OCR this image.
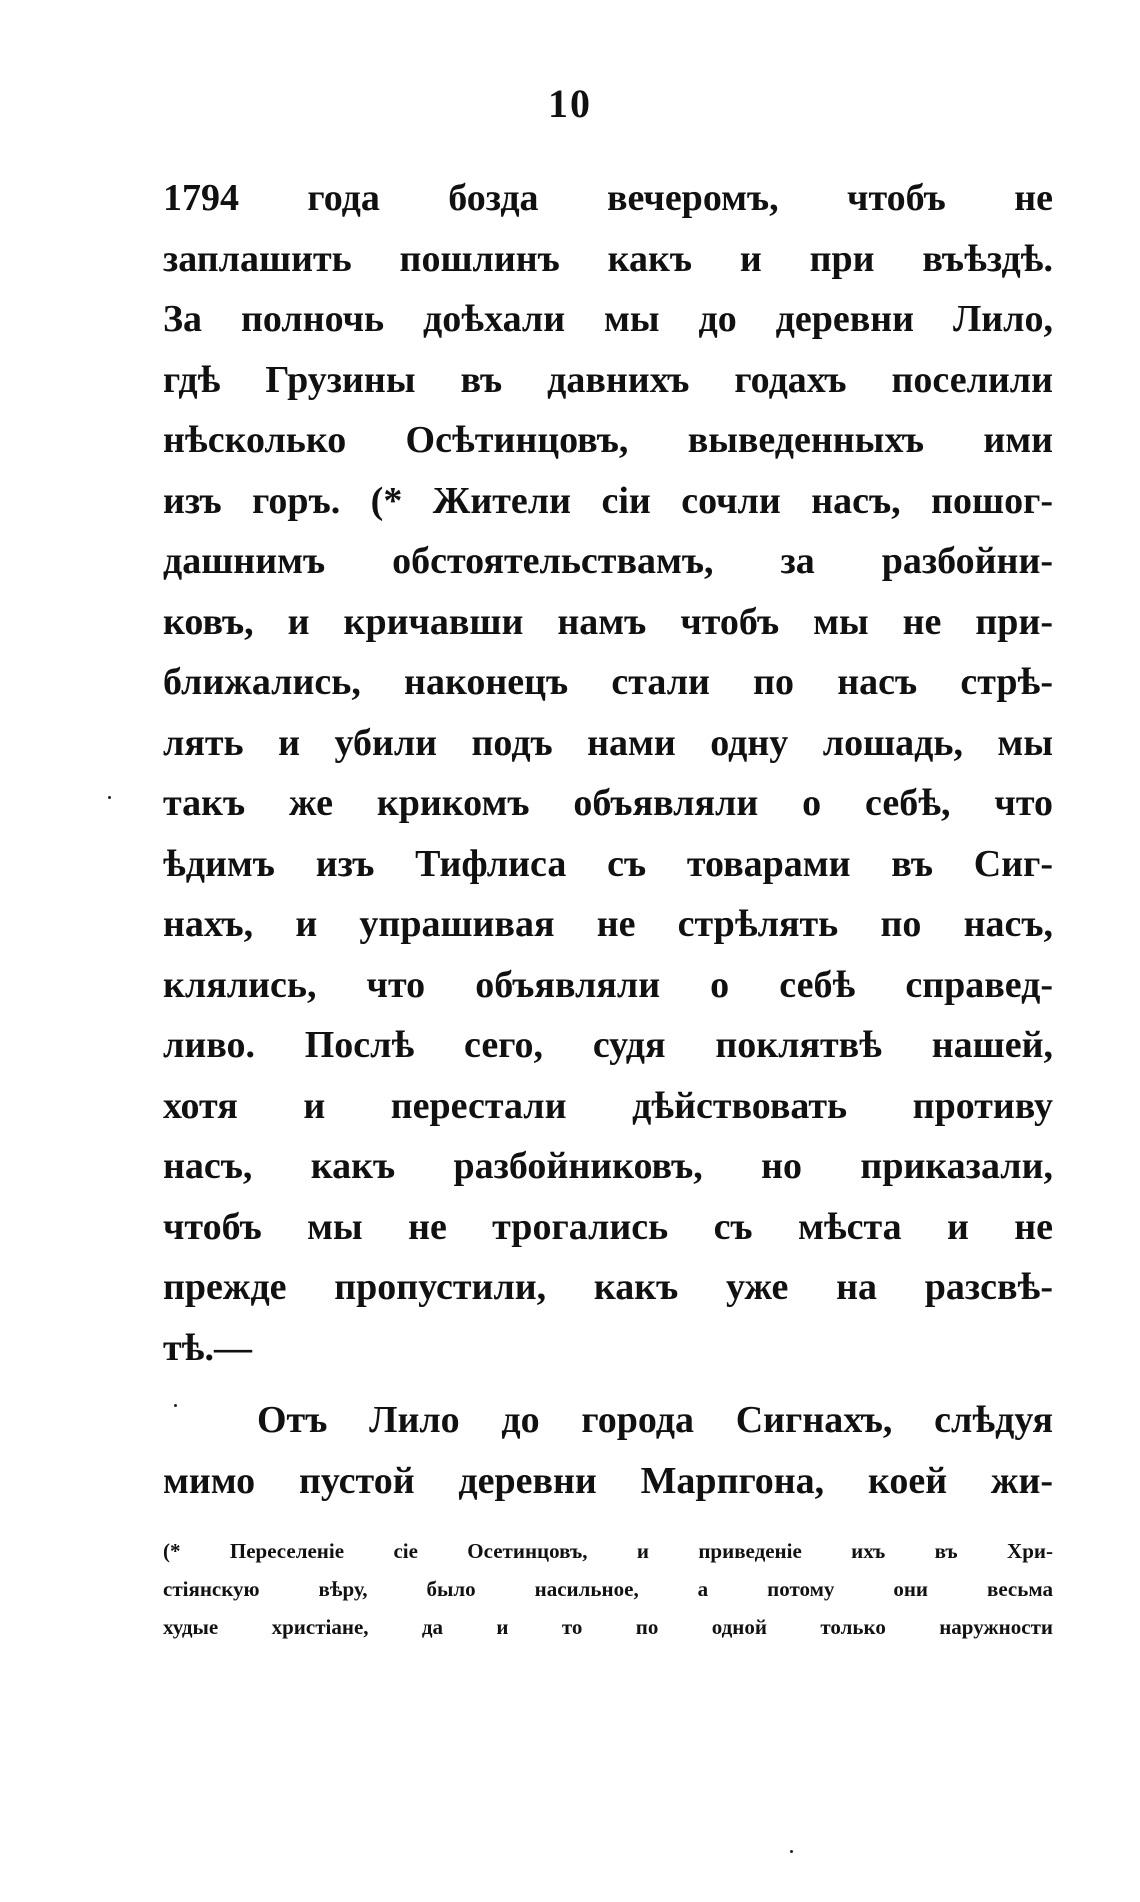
10
1794 года бозда вечеромъ, чтобъ не
заплашить пошлинъ какъ и при въѣздѣ.
За полночь доѣхали мы до деревни Лило,
гдѣ Грузины въ давнихъ годахъ поселили
нѣсколько Осѣтинцовъ, выведенныхъ ими
изъ горъ. (* Жители сіи сочли насъ, пошог-
дашнимъ обстоятельствамъ, за разбойни-
ковъ, и кричавши намъ чтобъ мы не при-
ближались, наконецъ стали по насъ стрѣ-
лять и убили подъ нами одну лошадь, мы
такъ же крикомъ объявляли о себѣ, что
ѣдимъ изъ Тифлиса съ товарами въ Сиг-
нахъ, и упрашивая не стрѣлять по насъ,
клялись, что объявляли о себѣ справед-
ливо. Послѣ сего, судя поклятвѣ нашей,
хотя и перестали дѣйствовать противу
насъ, какъ разбойниковъ, но приказали,
чтобъ мы не трогались съ мѣста и не
прежде пропустили, какъ уже на разсвѣ-
тѣ.—
Отъ Лило до города Сигнахъ, слѣдуя
мимо пустой деревни Марпгона, коей жи-
(* Переселеніе сіе Осетинцовъ, и приведеніе ихъ въ Хри-
стіянскую вѣру, было насильное, а потому они весьма
худые христіане, да и то по одной только наружности
